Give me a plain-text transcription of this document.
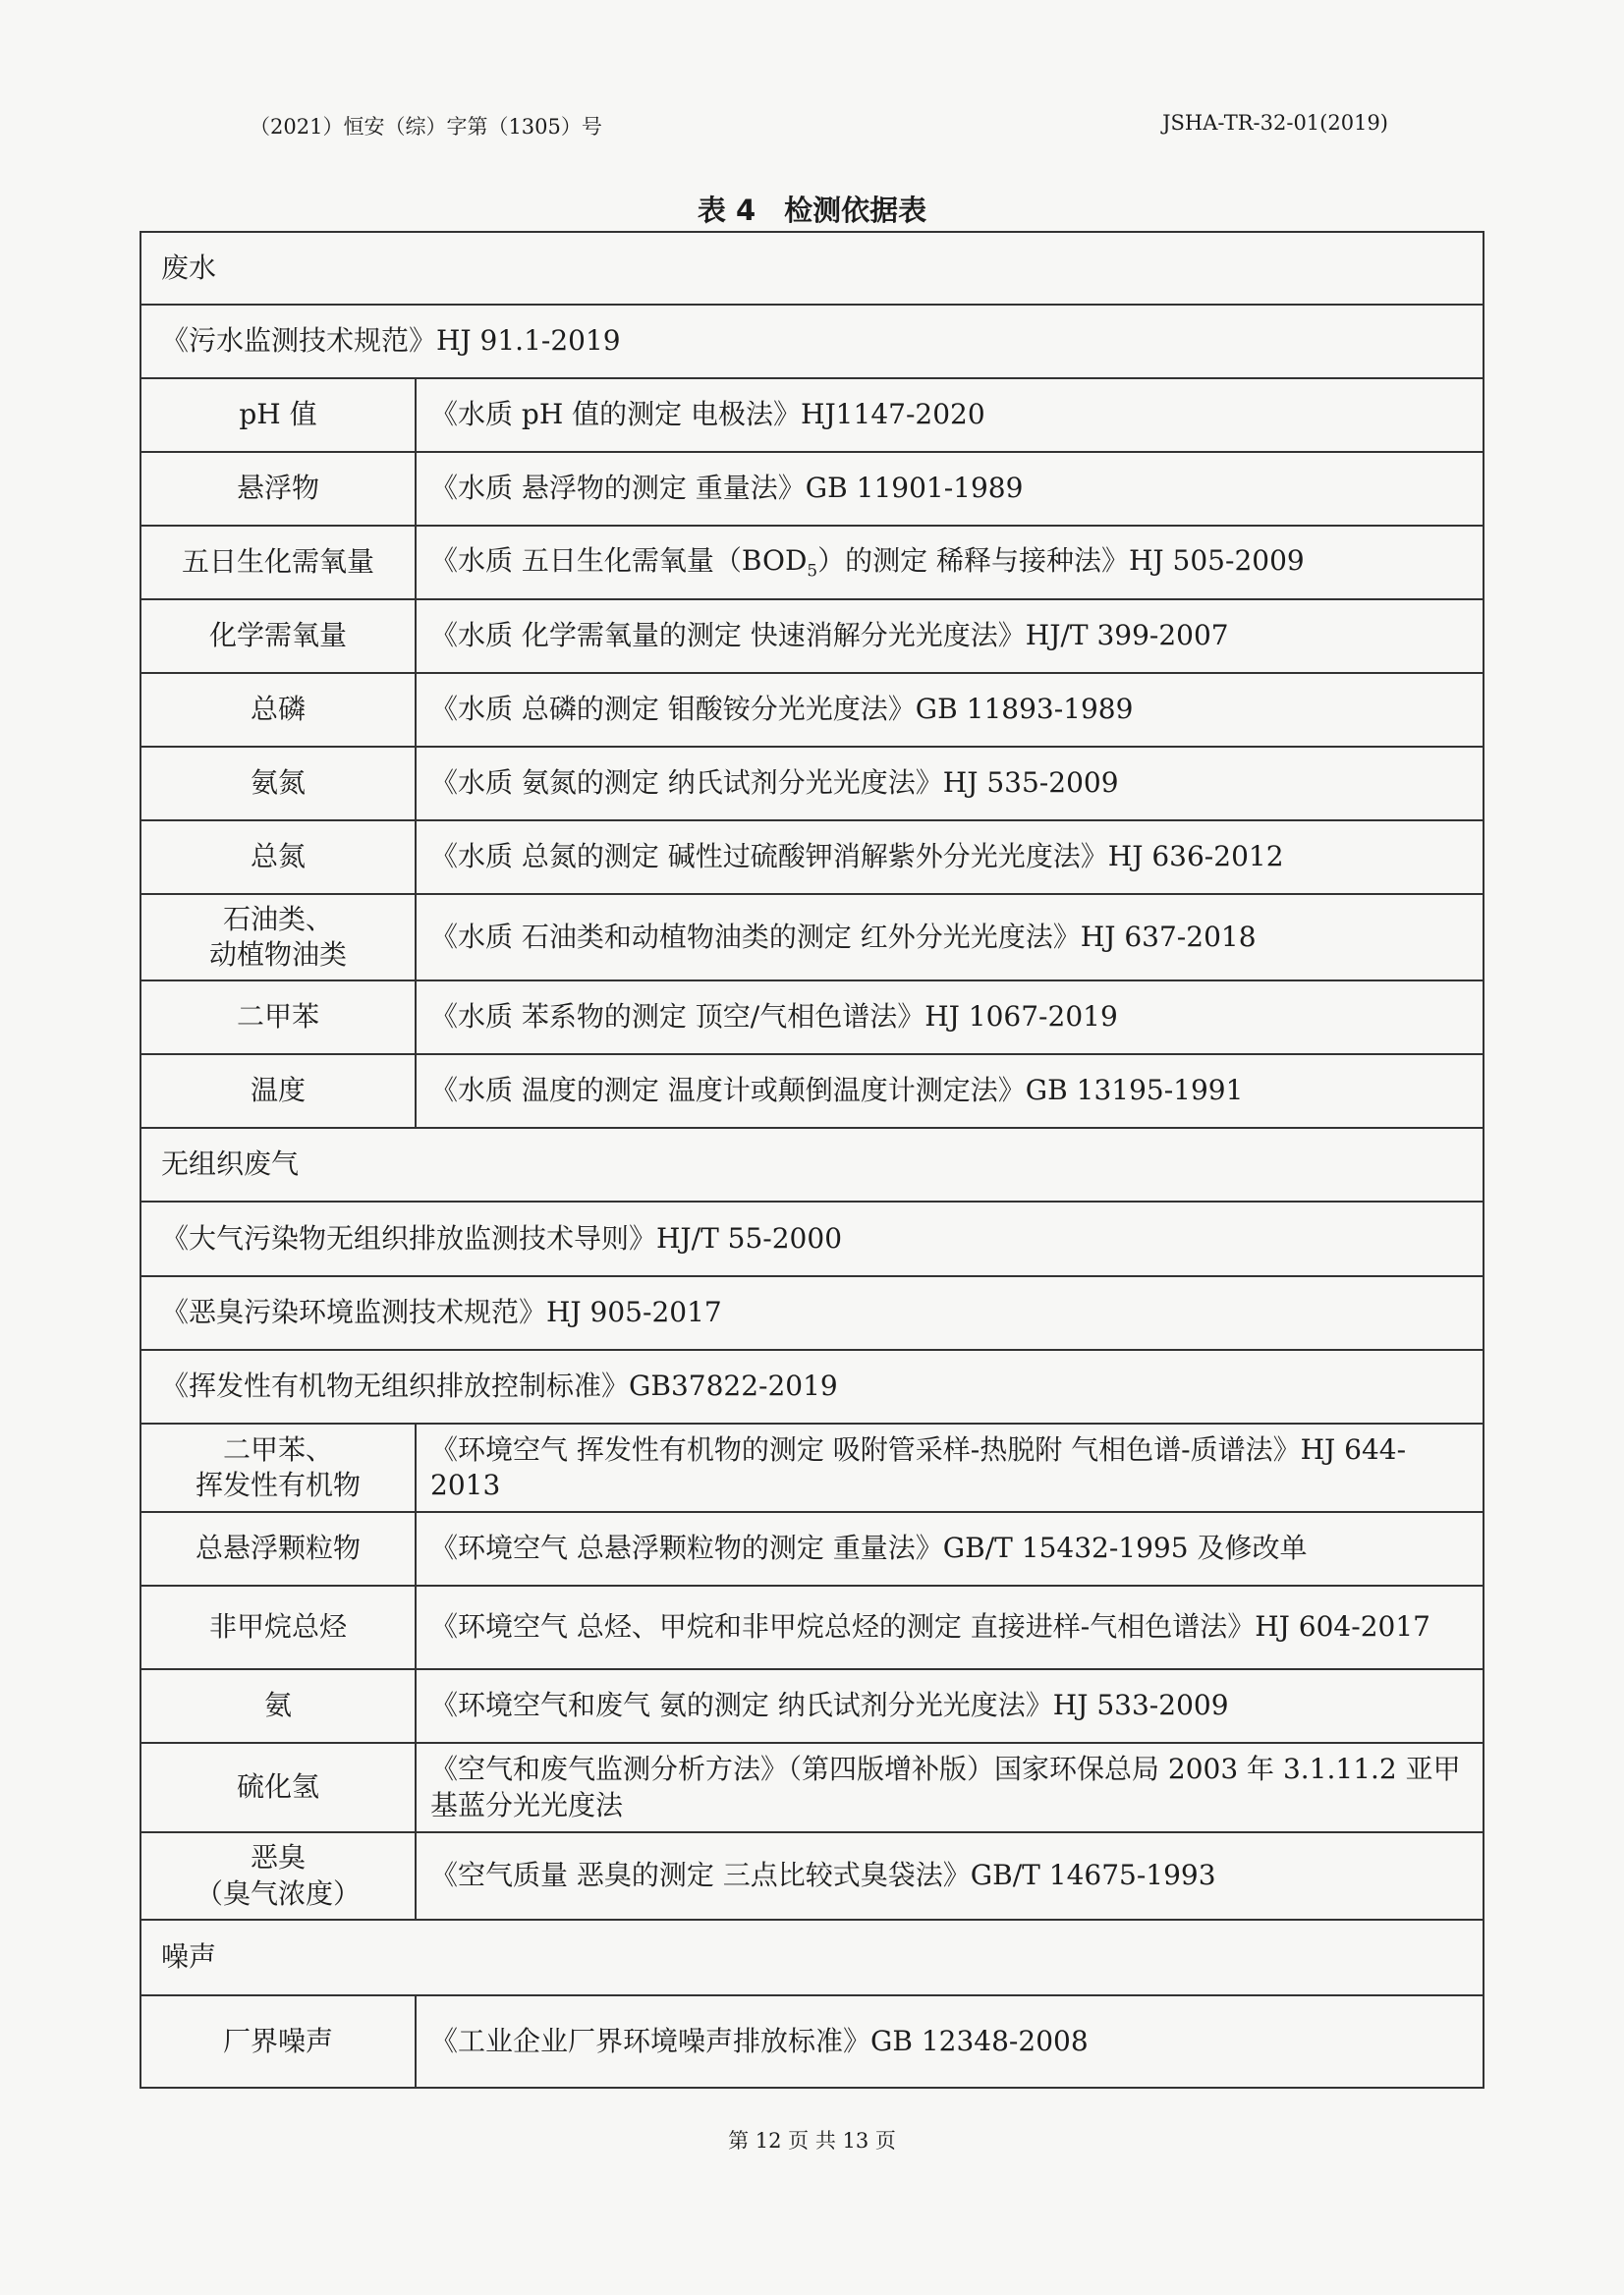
（2021）恒安（综）字第（1305）号	JSHA-TR-32-01(2019)
表 4　检测依据表
废水	
《污水监测技术规范》HJ 91.1-2019	
pH 值	《水质 pH 值的测定 电极法》HJ1147-2020
悬浮物	《水质 悬浮物的测定 重量法》GB 11901-1989
五日生化需氧量	《水质 五日生化需氧量$(BOD_5)$的测定 稀释与接种法》HJ 505-2009
化学需氧量	《水质 化学需氧量的测定 快速消解分光光度法》HJ/T 399-2007
总磷	《水质 总磷的测定 钼酸铵分光光度法》GB 11893-1989
氨氮	《水质 氨氮的测定 纳氏试剂分光光度法》HJ 535-2009
总氮	《水质 总氮的测定 碱性过硫酸钾消解紫外分光光度法》HJ 636-2012

石油类、
动植物油类	《水质 石油类和动植物油类的测定 红外分光光度法》HJ 637-2018
二甲苯	《水质 苯系物的测定 顶空/气相色谱法》HJ 1067-2019
温度	《水质 温度的测定 温度计或颠倒温度计测定法》GB 13195-1991
无组织废气	
《大气污染物无组织排放监测技术导则》HJ/T 55-2000	
《恶臭污染环境监测技术规范》HJ 905-2017	
《挥发性有机物无组织排放控制标准》GB37822-2019	

二甲苯、
挥发性有机物	《环境空气 挥发性有机物的测定 吸附管采样-热脱附 气相色谱-质谱法》HJ 644-2013
总悬浮颗粒物	《环境空气 总悬浮颗粒物的测定 重量法》GB/T 15432-1995 及修改单
非甲烷总烃	《环境空气 总烃、甲烷和非甲烷总烃的测定 直接进样-气相色谱法》HJ 604-2017
氨	《环境空气和废气 氨的测定 纳氏试剂分光光度法》HJ 533-2009
硫化氢	《空气和废气监测分析方法》（第四版增补版）国家环保总局 2003 年 3.1.11.2 亚甲基蓝分光光度法

恶臭
（臭气浓度）	《空气质量 恶臭的测定 三点比较式臭袋法》GB/T 14675-1993
噪声	
厂界噪声	《工业企业厂界环境噪声排放标准》GB 12348-2008
第 12 页 共 13 页
